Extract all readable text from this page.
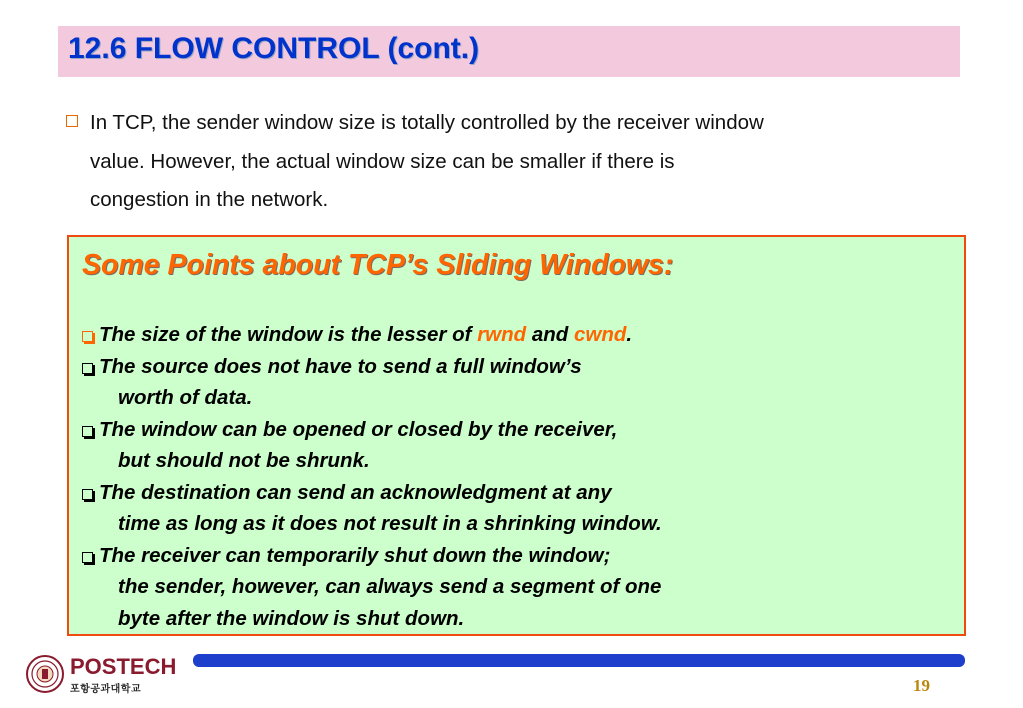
12.6 FLOW CONTROL (cont.)
In TCP, the sender window size is totally controlled by the receiver window
value. However, the actual window size can be smaller if there is
congestion in the network.
Some Points about TCP’s Sliding Windows:
The size of the window is the lesser of rwnd and cwnd.
The source does not have to send a full window’s
worth of data.
The window can be opened or closed by the receiver,
but should not be shrunk.
The destination can send an acknowledgment at any
time as long as it does not result in a shrinking window.
The receiver can temporarily shut down the window;
the sender, however, can always send a segment of one
byte after the window is shut down.
POSTECH
포항공과대학교	19
